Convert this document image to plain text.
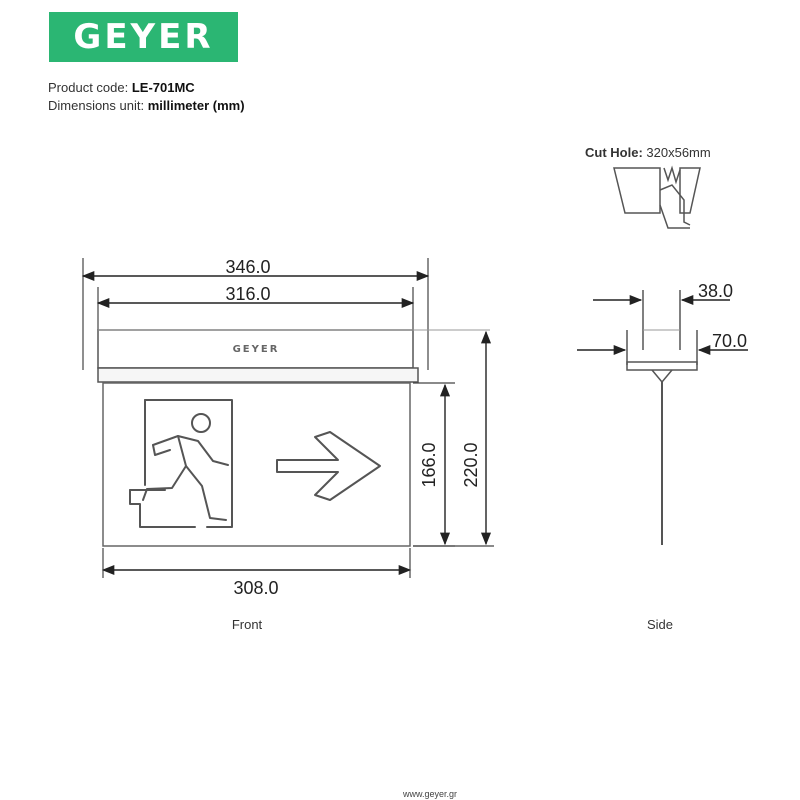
GEYER
Product code: LE-701MC
Dimensions unit: millimeter (mm)
GEYER
346.0
316.0
308.0
166.0 220.0
Front
Cut Hole: 320x56mm
38.0
70.0
Side
www.geyer.gr
